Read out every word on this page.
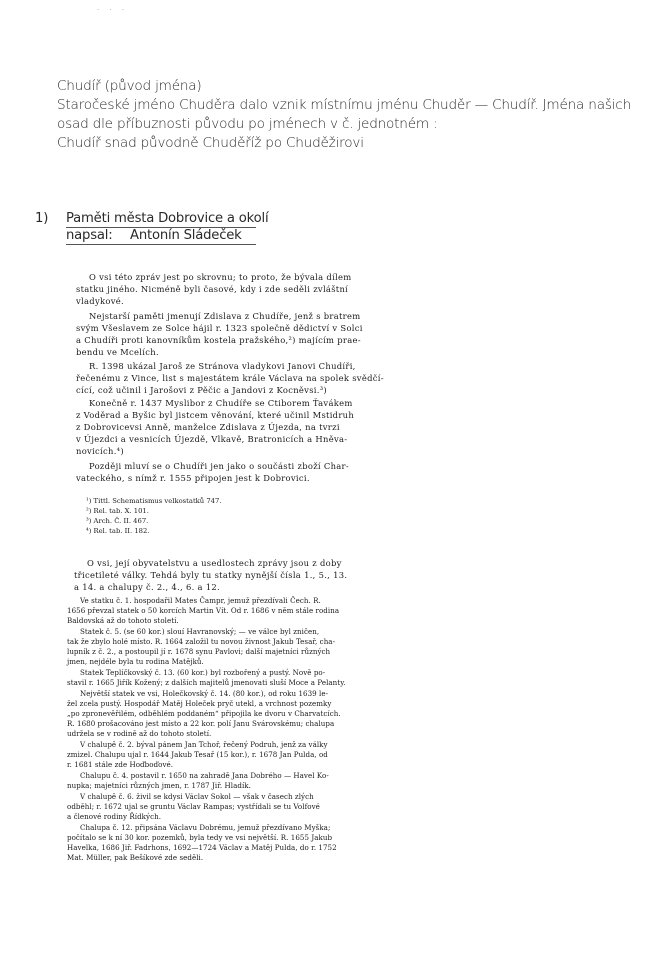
· · ·
Chudíř (původ jména)
Staročeské jméno Chuděra dalo vznik místnímu jménu Chuděr — Chudíř. Jména našich
osad dle příbuznosti původu po jménech v č. jednotném :
Chudíř snad původně Chuděříž po Chuděžirovi
1) Paměti města Dobrovice a okolí
napsal: Antonín Sládeček
O vsi této zpráv jest po skrovnu; to proto, že bývala dílem
statku jiného. Nicméně byli časové, kdy i zde seděli zvláštní
vladykové.
Nejstarší paměti jmenují Zdislava z Chudíře, jenž s bratrem
svým Všeslavem ze Solce hájil r. 1323 společně dědictví v Solci
a Chudíři proti kanovníkům kostela pražského,²) majícím prae-
bendu ve Mcelích.
R. 1398 ukázal Jaroš ze Stránova vladykovi Janovi Chudíři,
řečenému z Vince, list s majestátem krále Václava na spolek svědčí-
cící, což učinil i Jarošovi z Pěčic a Jandovi z Kocněvsi.³)
Konečně r. 1437 Myslibor z Chudíře se Ctiborem Ťavákem
z Voděrad a Byšic byl jistcem věnování, které učinil Mstidruh
z Dobrovicevsi Anně, manželce Zdislava z Újezda, na tvrzi
v Újezdci a vesnicích Újezdě, Vlkavě, Bratronicích a Hněva-
novicích.⁴)
Později mluví se o Chudíři jen jako o součásti zboží Char-
vateckého, s nímž r. 1555 připojen jest k Dobrovici.
¹) Tittl. Schematismus velkostatků 747.
²) Rel. tab. X. 101.
³) Arch. Č. II. 467.
⁴) Rel. tab. II. 182.
O vsi, její obyvatelstvu a usedlostech zprávy jsou z doby
třicetileté války. Tehdá byly tu statky nynější čísla 1., 5., 13.
a 14. a chalupy č. 2., 4., 6. a 12.
Ve statku č. 1. hospodařil Mates Čampr, jemuž přezdívali Čech. R.
1656 převzal statek o 50 korcích Martin Vít. Od r. 1686 v něm stále rodina
Baldovská až do tohoto století.
Statek č. 5. (se 60 kor.) slouí Havranovský; — ve válce byl zničen,
tak že zbylo holé místo. R. 1664 založil tu novou živnost Jakub Tesař, cha-
lupník z č. 2., a postoupil jí r. 1678 synu Pavlovi; další majetníci různých
jmen, nejdéle byla tu rodina Matějků.
Statek Teplíčkovský č. 13. (60 kor.) byl rozbořený a pustý. Nově po-
stavil r. 1665 Jiřík Kožený; z dalších majitelů jmenovati sluší Moce a Pelanty.
Největší statek ve vsi, Holečkovský č. 14. (80 kor.), od roku 1639 le-
žel zcela pustý. Hospodář Matěj Holeček pryč utekl, a vrchnost pozemky
„po zpronevěřilém, odběhlém poddaném“ připojila ke dvoru v Charvatcích.
R. 1680 prošacováno jest místo a 22 kor. polí Janu Svárovskému; chalupa
udržela se v rodině až do tohoto století.
V chalupě č. 2. býval pánem Jan Tchoř, řečený Podruh, jenž za války
zmizel. Chalupu ujal r. 1644 Jakub Tesař (15 kor.), r. 1678 Jan Pulda, od
r. 1681 stále zde Hoďboďové.
Chalupu č. 4. postavil r. 1650 na zahradě Jana Dobrého — Havel Ko-
nupka; majetníci různých jmen, r. 1787 Jiř. Hladík.
V chalupě č. 6. živil se kdysi Václav Sokol — však v časech zlých
odběhl; r. 1672 ujal se gruntu Václav Rampas; vystřídali se tu Volfové
a členové rodiny Řídkých.
Chalupa č. 12. připsána Václavu Dobrému, jemuž přezdívano Myška;
počítalo se k ní 30 kor. pozemků, byla tedy ve vsi největší. R. 1655 Jakub
Havelka, 1686 Jiř. Fadrhons, 1692—1724 Václav a Matěj Pulda, do r. 1752
Mat. Müller, pak Bešíkové zde seděli.
